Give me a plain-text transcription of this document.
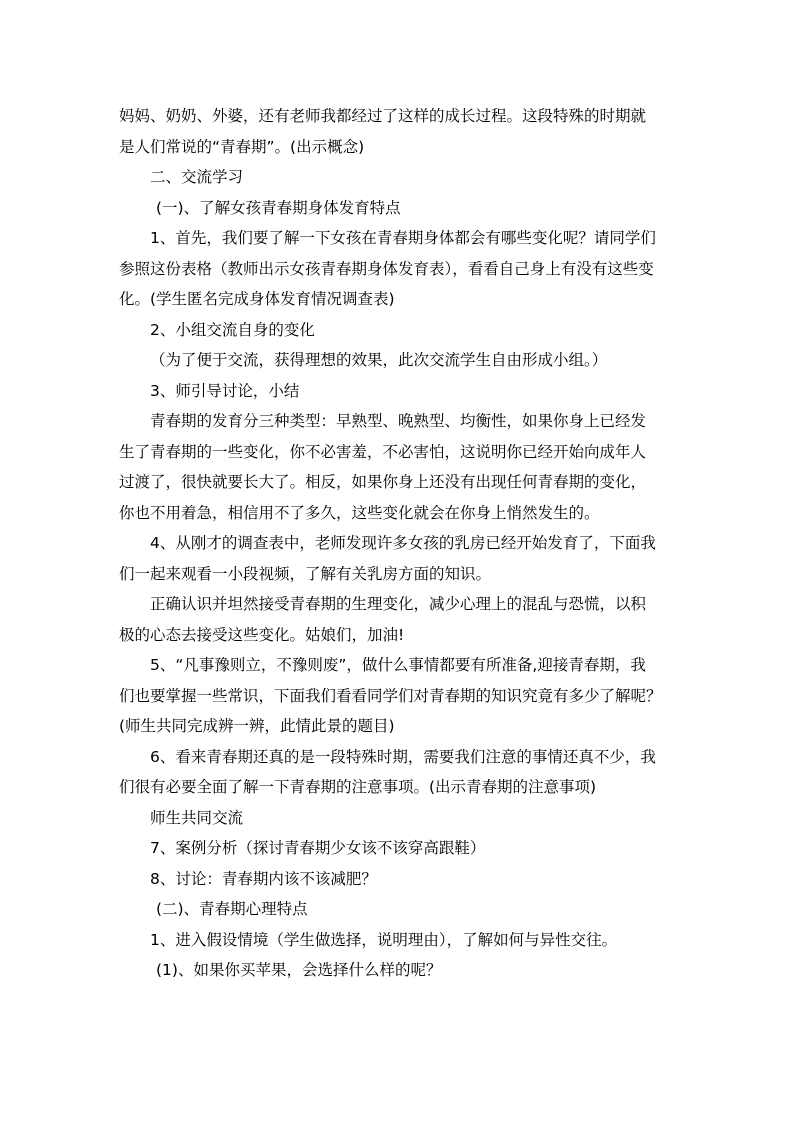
妈妈、奶奶、外婆，还有老师我都经过了这样的成长过程。这段特殊的时期就

是人们常说的“青春期”。(出示概念)

二、交流学习

(一)、了解女孩青春期身体发育特点

1、首先，我们要了解一下女孩在青春期身体都会有哪些变化呢？请同学们

参照这份表格（教师出示女孩青春期身体发育表），看看自己身上有没有这些变

化。(学生匿名完成身体发育情况调查表)

2、小组交流自身的变化

（为了便于交流，获得理想的效果，此次交流学生自由形成小组。）

3、师引导讨论，小结

青春期的发育分三种类型：早熟型、晚熟型、均衡性，如果你身上已经发

生了青春期的一些变化，你不必害羞，不必害怕，这说明你已经开始向成年人

过渡了，很快就要长大了。相反，如果你身上还没有出现任何青春期的变化，

你也不用着急，相信用不了多久，这些变化就会在你身上悄然发生的。

4、从刚才的调查表中，老师发现许多女孩的乳房已经开始发育了，下面我

们一起来观看一小段视频，了解有关乳房方面的知识。

正确认识并坦然接受青春期的生理变化，减少心理上的混乱与恐慌，以积

极的心态去接受这些变化。姑娘们，加油!

5、“凡事豫则立，不豫则废”，做什么事情都要有所准备,迎接青春期，我

们也要掌握一些常识，下面我们看看同学们对青春期的知识究竟有多少了解呢？

(师生共同完成辨一辨，此情此景的题目)

6、看来青春期还真的是一段特殊时期，需要我们注意的事情还真不少，我

们很有必要全面了解一下青春期的注意事项。(出示青春期的注意事项)

师生共同交流

7、案例分析（探讨青春期少女该不该穿高跟鞋）

8、讨论：青春期内该不该减肥？

(二)、青春期心理特点

1、进入假设情境（学生做选择，说明理由），了解如何与异性交往。

(1)、如果你买苹果，会选择什么样的呢？
